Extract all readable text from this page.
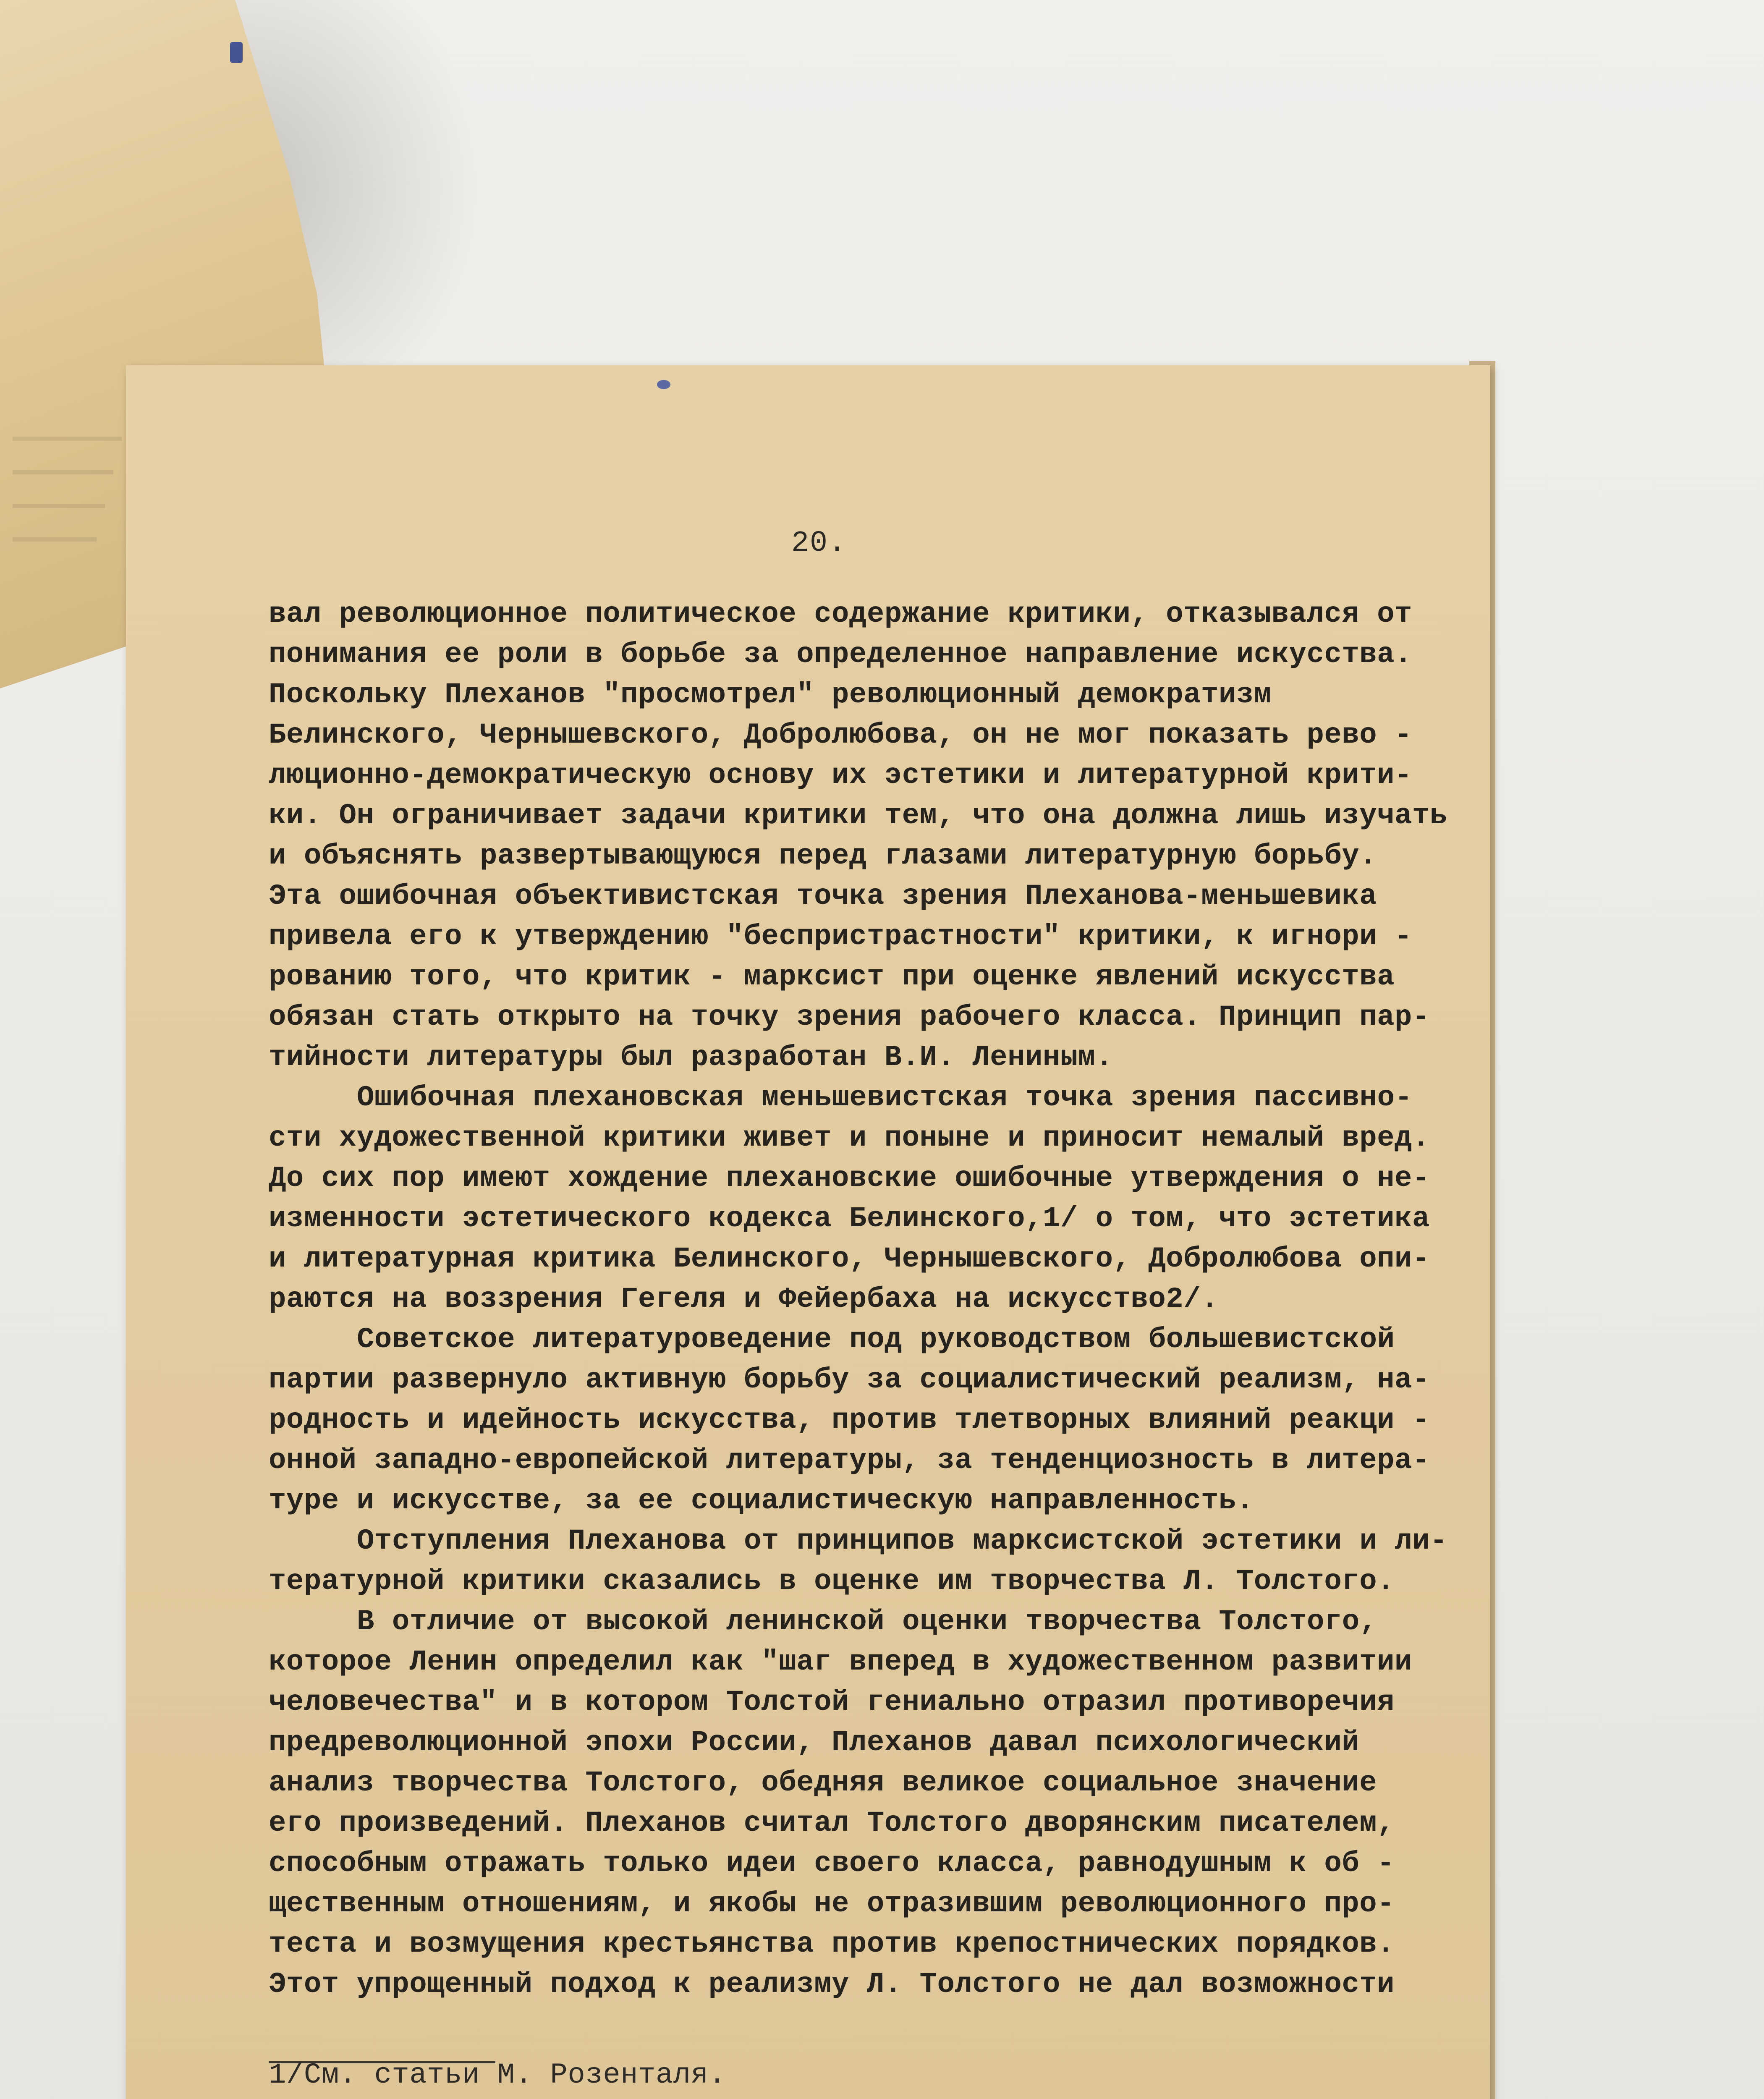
20.
вал революционное политическое содержание критики, отказывался от
понимания ее роли в борьбе за определенное направление искусства.
Поскольку Плеханов "просмотрел" революционный демократизм
Белинского, Чернышевского, Добролюбова, он не мог показать рево -
люционно-демократическую основу их эстетики и литературной крити-
ки. Он ограничивает задачи критики тем, что она должна лишь изучать
и объяснять развертывающуюся перед глазами литературную борьбу.
Эта ошибочная объективистская точка зрения Плеханова-меньшевика
привела его к утверждению "беспристрастности" критики, к игнори -
рованию того, что критик - марксист при оценке явлений искусства
обязан стать открыто на точку зрения рабочего класса. Принцип пар-
тийности литературы был разработан В.И. Лениным.
Ошибочная плехановская меньшевистская точка зрения пассивно-
сти художественной критики живет и поныне и приносит немалый вред.
До сих пор имеют хождение плехановские ошибочные утверждения о не-
изменности эстетического кодекса Белинского,1/ о том, что эстетика
и литературная критика Белинского, Чернышевского, Добролюбова опи-
раются на воззрения Гегеля и Фейербаха на искусство2/.
Советское литературоведение под руководством большевистской
партии развернуло активную борьбу за социалистический реализм, на-
родность и идейность искусства, против тлетворных влияний реакци -
онной западно-европейской литературы, за тенденциозность в литера-
туре и искусстве, за ее социалистическую направленность.
Отступления Плеханова от принципов марксистской эстетики и ли-
тературной критики сказались в оценке им творчества Л. Толстого.
В отличие от высокой ленинской оценки творчества Толстого,
которое Ленин определил как "шаг вперед в художественном развитии
человечества" и в котором Толстой гениально отразил противоречия
предреволюционной эпохи России, Плеханов давал психологический
анализ творчества Толстого, обедняя великое социальное значение
его произведений. Плеханов считал Толстого дворянским писателем,
способным отражать только идеи своего класса, равнодушным к об -
щественным отношениям, и якобы не отразившим революционного про-
теста и возмущения крестьянства против крепостнических порядков.
Этот упрощенный подход к реализму Л. Толстого не дал возможности
1/См. статьи М. Розенталя.
